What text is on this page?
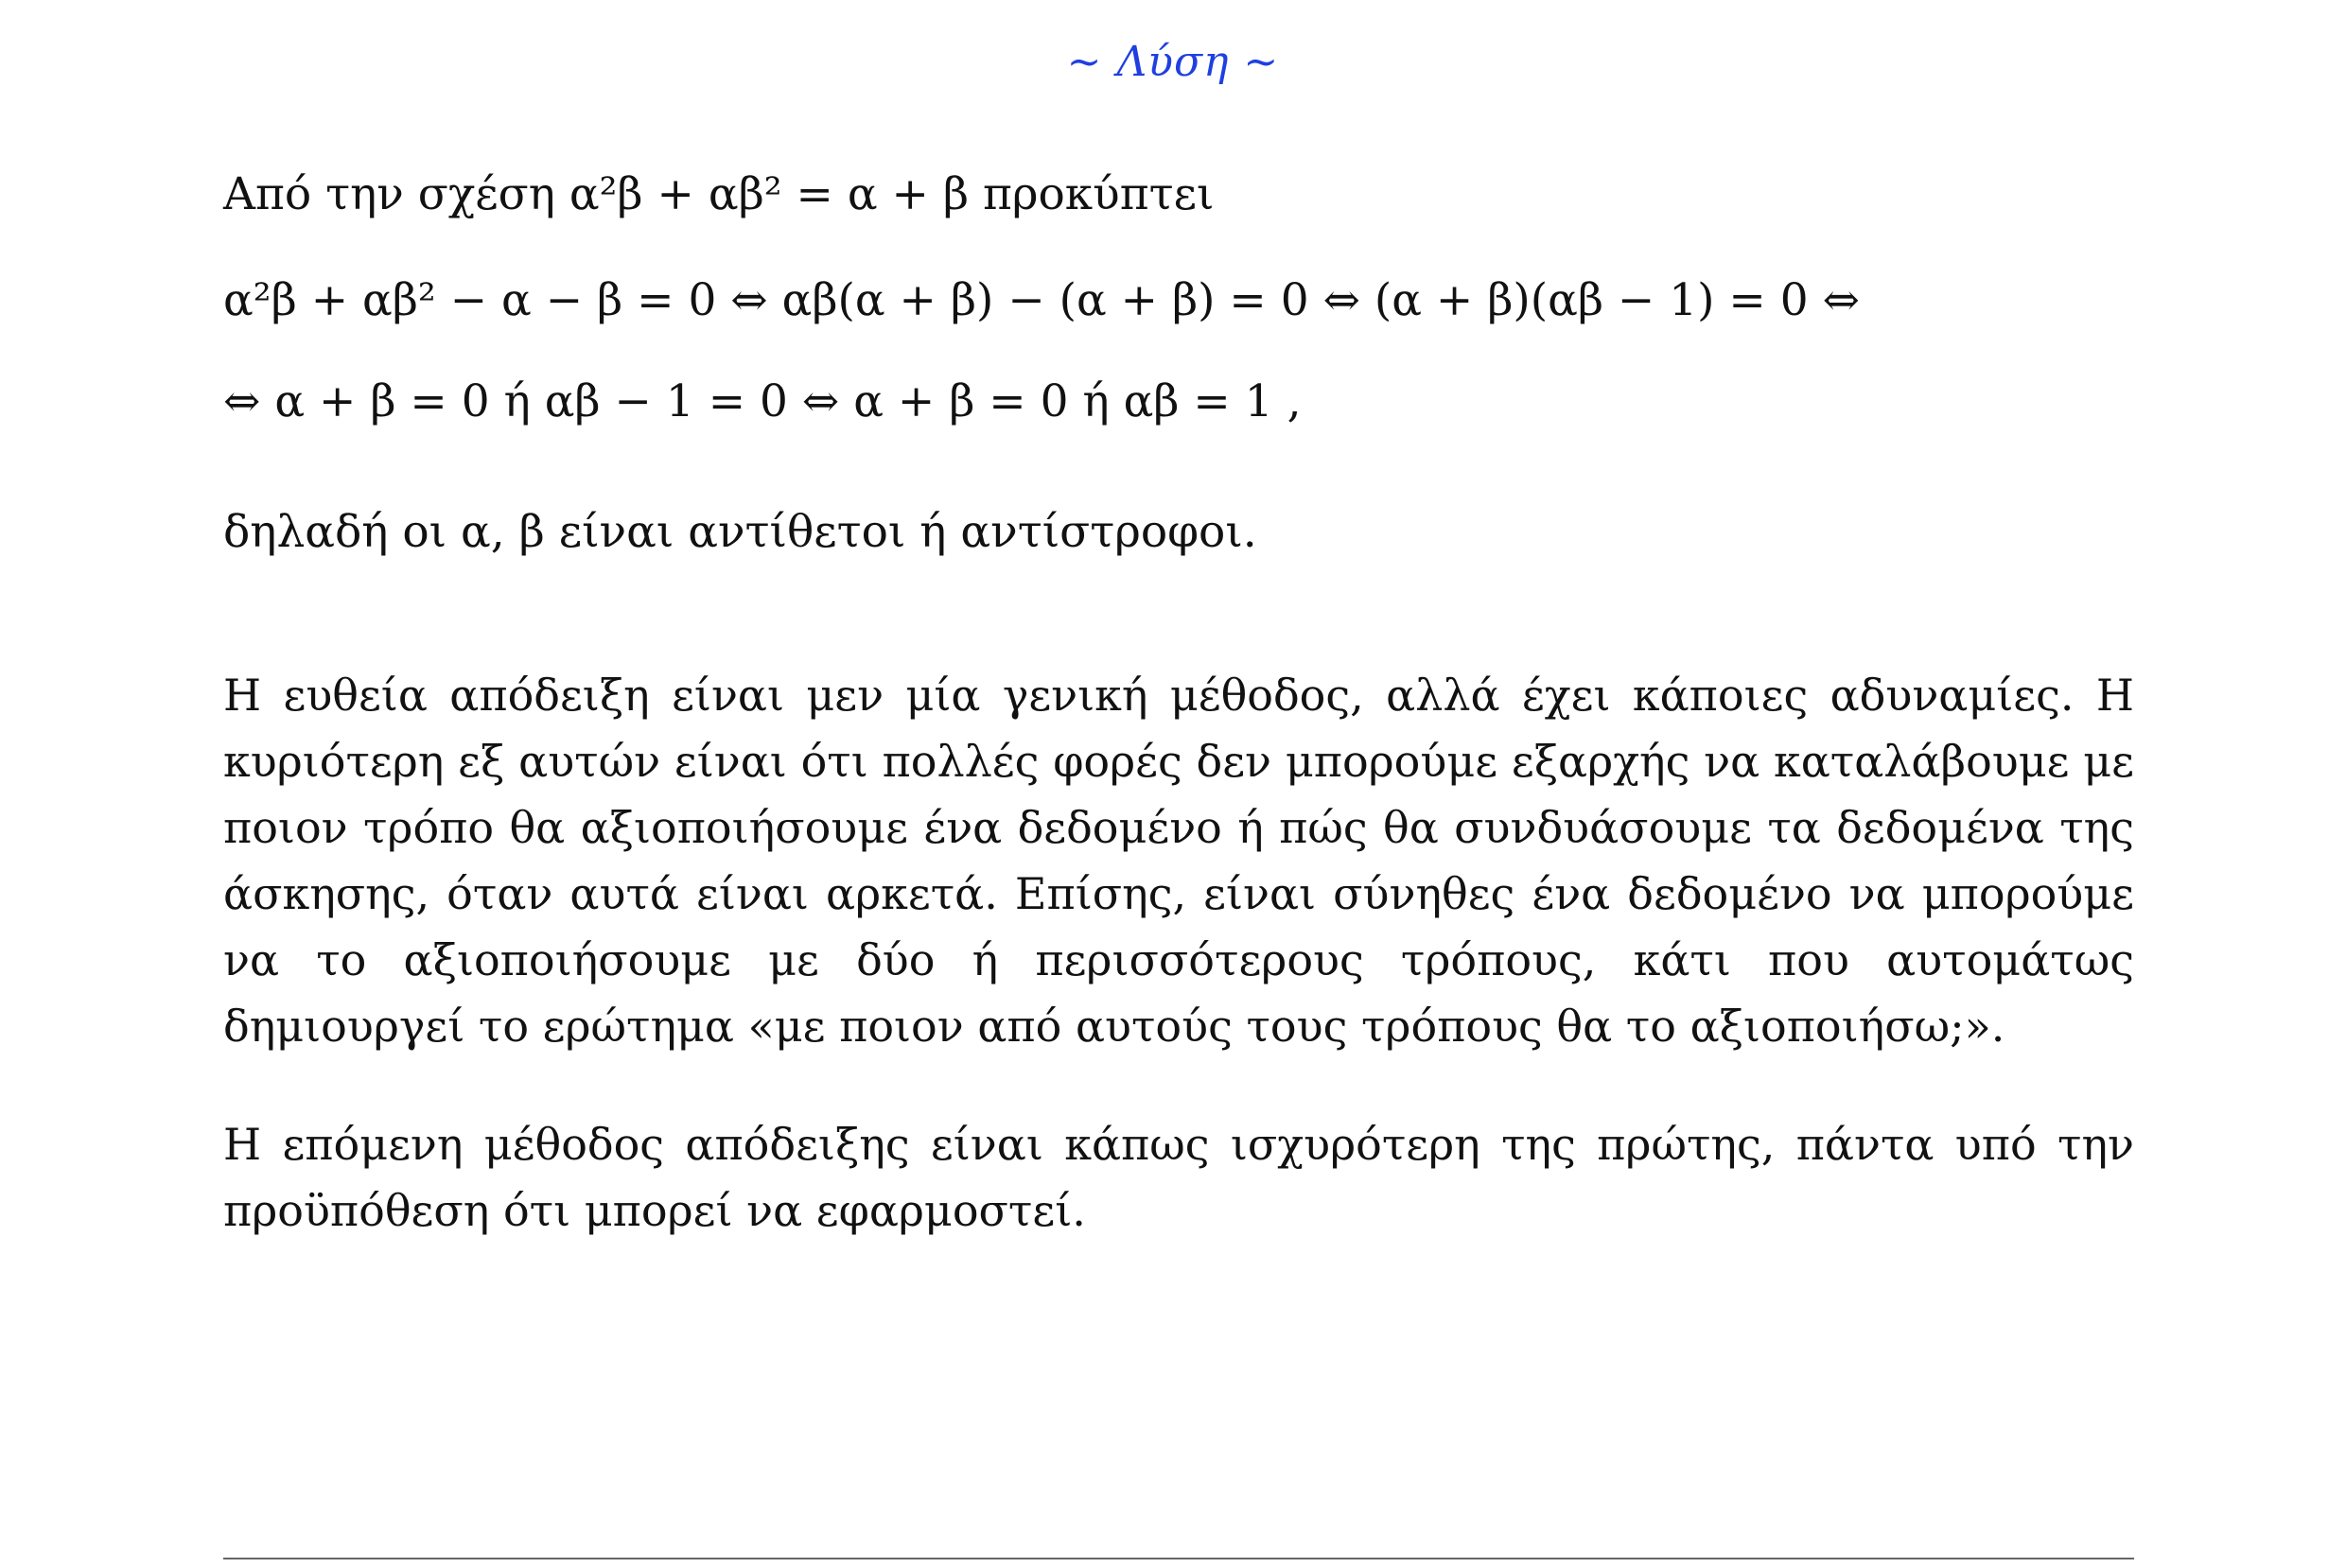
~ Λύση ~
Από την σχέση α²β + αβ² = α + β προκύπτει
α²β + αβ² − α − β = 0 ⇔ αβ(α + β) − (α + β) = 0 ⇔ (α + β)(αβ − 1) = 0 ⇔
⇔ α + β = 0 ή αβ − 1 = 0 ⇔ α + β = 0 ή αβ = 1 ,
δηλαδή οι α, β είναι αντίθετοι ή αντίστροφοι.
Η ευθεία απόδειξη είναι μεν μία γενική μέθοδος, αλλά έχει κάποιες αδυναμίες. Η κυριότερη εξ αυτών είναι ότι πολλές φορές δεν μπορούμε εξαρχής να καταλάβουμε με ποιον τρόπο θα αξιοποιήσουμε ένα δεδομένο ή πώς θα συνδυάσουμε τα δεδομένα της άσκησης, όταν αυτά είναι αρκετά. Επίσης, είναι σύνηθες ένα δεδομένο να μπορούμε να το αξιοποιήσουμε με δύο ή περισσότερους τρόπους, κάτι που αυτομάτως δημιουργεί το ερώτημα «με ποιον από αυτούς τους τρόπους θα το αξιοποιήσω;».
Η επόμενη μέθοδος απόδειξης είναι κάπως ισχυρότερη της πρώτης, πάντα υπό την προϋπόθεση ότι μπορεί να εφαρμοστεί.
